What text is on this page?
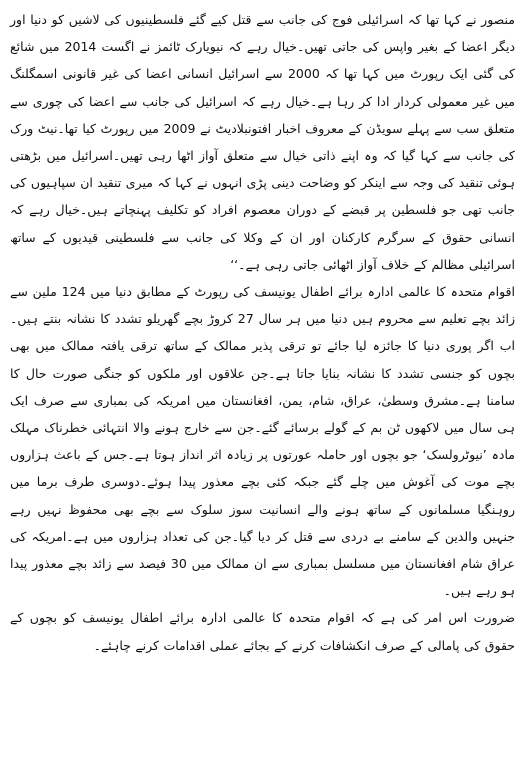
منصور نے کہا تھا کہ اسرائیلی فوج کی جانب سے قتل کیے گئے فلسطینیوں کی لاشیں کو دنیا اور دیگر اعضا کے بغیر واپس کی جاتی تھیں۔خیال رہے کہ نیویارک ٹائمز نے اگست 2014 میں شائع کی گئی ایک رپورٹ میں کہا تھا کہ 2000 سے اسرائیل انسانی اعضا کی غیر قانونی اسمگلنگ میں غیر معمولی کردار ادا کر رہا ہے۔خیال رہے کہ اسرائیل کی جانب سے اعضا کی چوری سے متعلق سب سے پہلے سویڈن کے معروف اخبار افتونبلادیٹ نے 2009 میں رپورٹ کیا تھا۔نیٹ ورک کی جانب سے کہا گیا کہ وہ اپنے ذاتی خیال سے متعلق آواز اٹھا رہی تھیں۔اسرائیل میں بڑھتی ہوئی تنقید کی وجہ سے اینکر کو وضاحت دینی پڑی انہوں نے کہا کہ میری تنقید ان سپاہیوں کی جانب تھی جو فلسطین پر قبضے کے دوران معصوم افراد کو تکلیف پہنچاتے ہیں۔خیال رہے کہ انسانی حقوق کے سرگرم کارکنان اور ان کے وکلا کی جانب سے فلسطینی قیدیوں کے ساتھ اسرائیلی مظالم کے خلاف آواز اٹھائی جاتی رہی ہے۔‘‘

اقوام متحدہ کا عالمی ادارہ برائے اطفال یونیسف کی رپورٹ کے مطابق دنیا میں 124 ملین سے زائد بچے تعلیم سے محروم ہیں دنیا میں ہر سال 27 کروڑ بچے گھریلو تشدد کا نشانہ بنتے ہیں۔اب اگر پوری دنیا کا جائزہ لیا جائے تو ترقی پذیر ممالک کے ساتھ ترقی یافتہ ممالک میں بھی بچوں کو جنسی تشدد کا نشانہ بنایا جاتا ہے۔جن علاقوں اور ملکوں کو جنگی صورت حال کا سامنا ہے۔مشرق وسطیٰ، عراق، شام، یمن، افغانستان میں امریکہ کی بمباری سے صرف ایک ہی سال میں لاکھوں ٹن بم کے گولے برسائے گئے۔جن سے خارج ہونے والا انتہائی خطرناک مہلک مادہ ’نیوٹرولسک‘ جو بچوں اور حاملہ عورتوں پر زیادہ اثر انداز ہوتا ہے۔جس کے باعث ہزاروں بچے موت کی آغوش میں چلے گئے جبکہ کئی بچے معذور پیدا ہوئے۔دوسری طرف برما میں روہنگیا مسلمانوں کے ساتھ ہونے والے انسانیت سوز سلوک سے بچے بھی محفوظ نہیں رہے جنہیں والدین کے سامنے بے دردی سے قتل کر دیا گیا۔جن کی تعداد ہزاروں میں ہے۔امریکہ کی عراق شام افغانستان میں مسلسل بمباری سے ان ممالک میں 30 فیصد سے زائد بچے معذور پیدا ہو رہے ہیں۔

ضرورت اس امر کی ہے کہ اقوام متحدہ کا عالمی ادارہ برائے اطفال یونیسف کو بچوں کے حقوق کی پامالی کے صرف انکشافات کرنے کے بجائے عملی اقدامات کرنے چاہئے۔
